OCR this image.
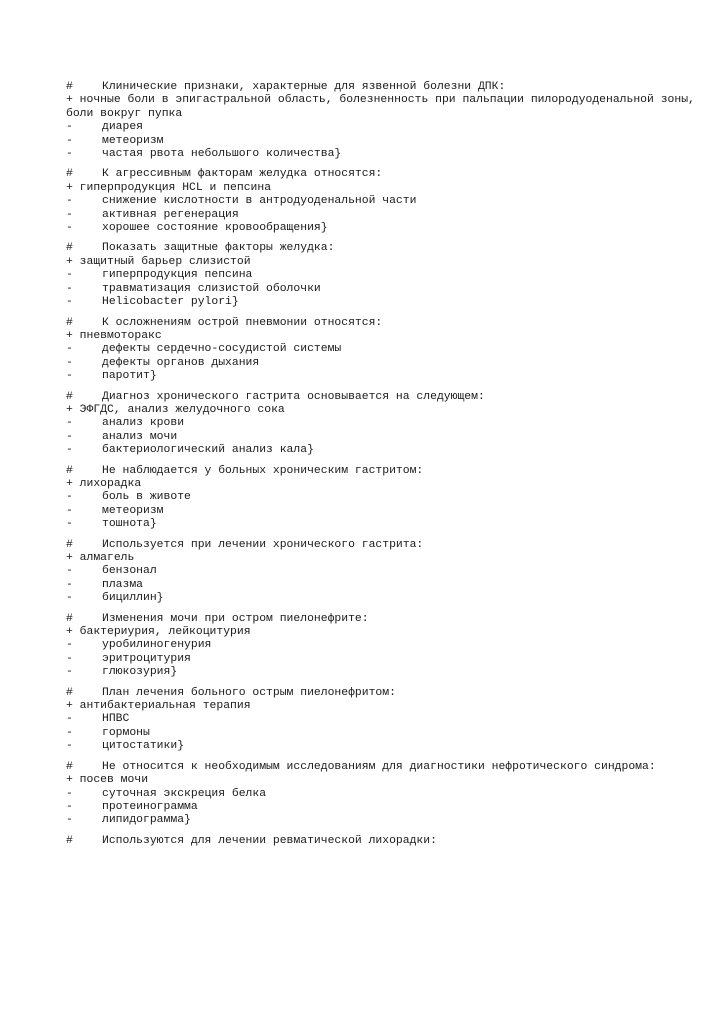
#	Клинические признаки, характерные для язвенной болезни ДПК:
+ ночные боли в эпигастральной область, болезненность при пальпации пилородуоденальной зоны, боли вокруг пупка
-	диарея
-	метеоризм
-	частая рвота небольшого количества}
#	К агрессивным факторам желудка относятся:
+ гиперпродукция HCL и пепсина
-	снижение кислотности в антродуоденальной части
-	активная регенерация
-	хорошее состояние кровообращения}
#	Показать защитные факторы желудка:
+ защитный барьер слизистой
-	гиперпродукция пепсина
-	травматизация слизистой оболочки
-	Helicobacter pylori}
#	К осложнениям острой пневмонии относятся:
+ пневмоторакс
-	дефекты сердечно-сосудистой системы
-	дефекты органов дыхания
-	паротит}
#	Диагноз хронического гастрита основывается на следующем:
+ ЭФГДС, анализ желудочного сока
-	анализ крови
-	анализ мочи
-	бактериологический анализ кала}
#	Не наблюдается у больных хроническим гастритом:
+ лихорадка
-	боль в животе
-	метеоризм
-	тошнота}
#	Используется при лечении хронического гастрита:
+ алмагель
-	бензонал
-	плазма
-	бициллин}
#	Изменения мочи при остром пиелонефрите:
+ бактериурия, лейкоцитурия
-	уробилиногенурия
-	эритроцитурия
-	глюкозурия}
#	План лечения больного острым пиелонефритом:
+ антибактериальная терапия
-	НПВС
-	гормоны
-	цитостатики}
#	Не относится к необходимым исследованиям для диагностики нефротического синдрома:
+ посев мочи
-	суточная экскреция белка
-	протеинограмма
-	липидограмма}
#	Используются для лечении ревматической лихорадки:
